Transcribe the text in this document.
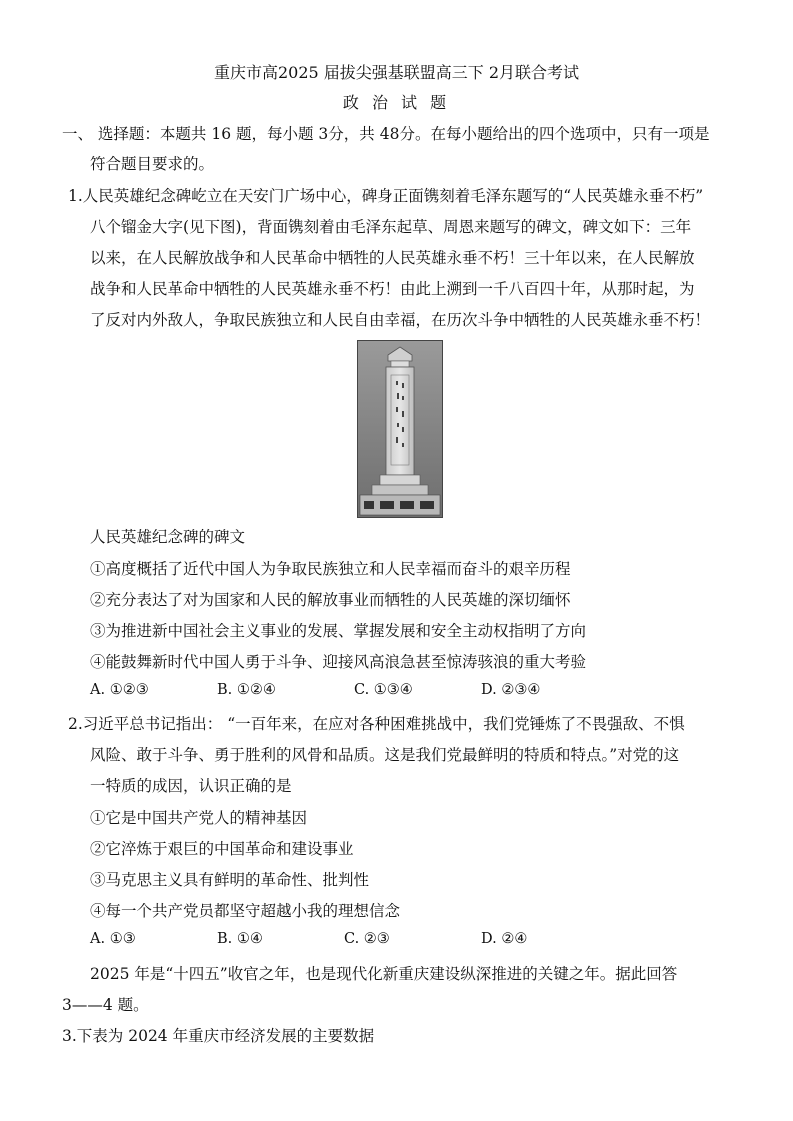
重庆市高2025 届拔尖强基联盟高三下 2月联合考试
政 治 试 题
一、 选择题：本题共 16 题，每小题 3分，共 48分。在每小题给出的四个选项中，只有一项是
符合题目要求的。
1.人民英雄纪念碑屹立在天安门广场中心，碑身正面镌刻着毛泽东题写的“人民英雄永垂不朽”
八个镏金大字(见下图)，背面镌刻着由毛泽东起草、周恩来题写的碑文，碑文如下：三年
以来，在人民解放战争和人民革命中牺牲的人民英雄永垂不朽！三十年以来，在人民解放
战争和人民革命中牺牲的人民英雄永垂不朽！由此上溯到一千八百四十年，从那时起，为
了反对内外敌人，争取民族独立和人民自由幸福，在历次斗争中牺牲的人民英雄永垂不朽！
人民英雄纪念碑的碑文
①高度概括了近代中国人为争取民族独立和人民幸福而奋斗的艰辛历程
②充分表达了对为国家和人民的解放事业而牺牲的人民英雄的深切缅怀
③为推进新中国社会主义事业的发展、掌握发展和安全主动权指明了方向
④能鼓舞新时代中国人勇于斗争、迎接风高浪急甚至惊涛骇浪的重大考验
A. ①②③	B. ①②④	C. ①③④	D. ②③④
2.习近平总书记指出： “一百年来，在应对各种困难挑战中，我们党锤炼了不畏强敌、不惧
风险、敢于斗争、勇于胜利的风骨和品质。这是我们党最鲜明的特质和特点。”对党的这
一特质的成因，认识正确的是
①它是中国共产党人的精神基因
②它淬炼于艰巨的中国革命和建设事业
③马克思主义具有鲜明的革命性、批判性
④每一个共产党员都坚守超越小我的理想信念
A. ①③	B. ①④	C. ②③	D. ②④
2025 年是“十四五”收官之年，也是现代化新重庆建设纵深推进的关键之年。据此回答
3——4 题。
3.下表为 2024 年重庆市经济发展的主要数据
